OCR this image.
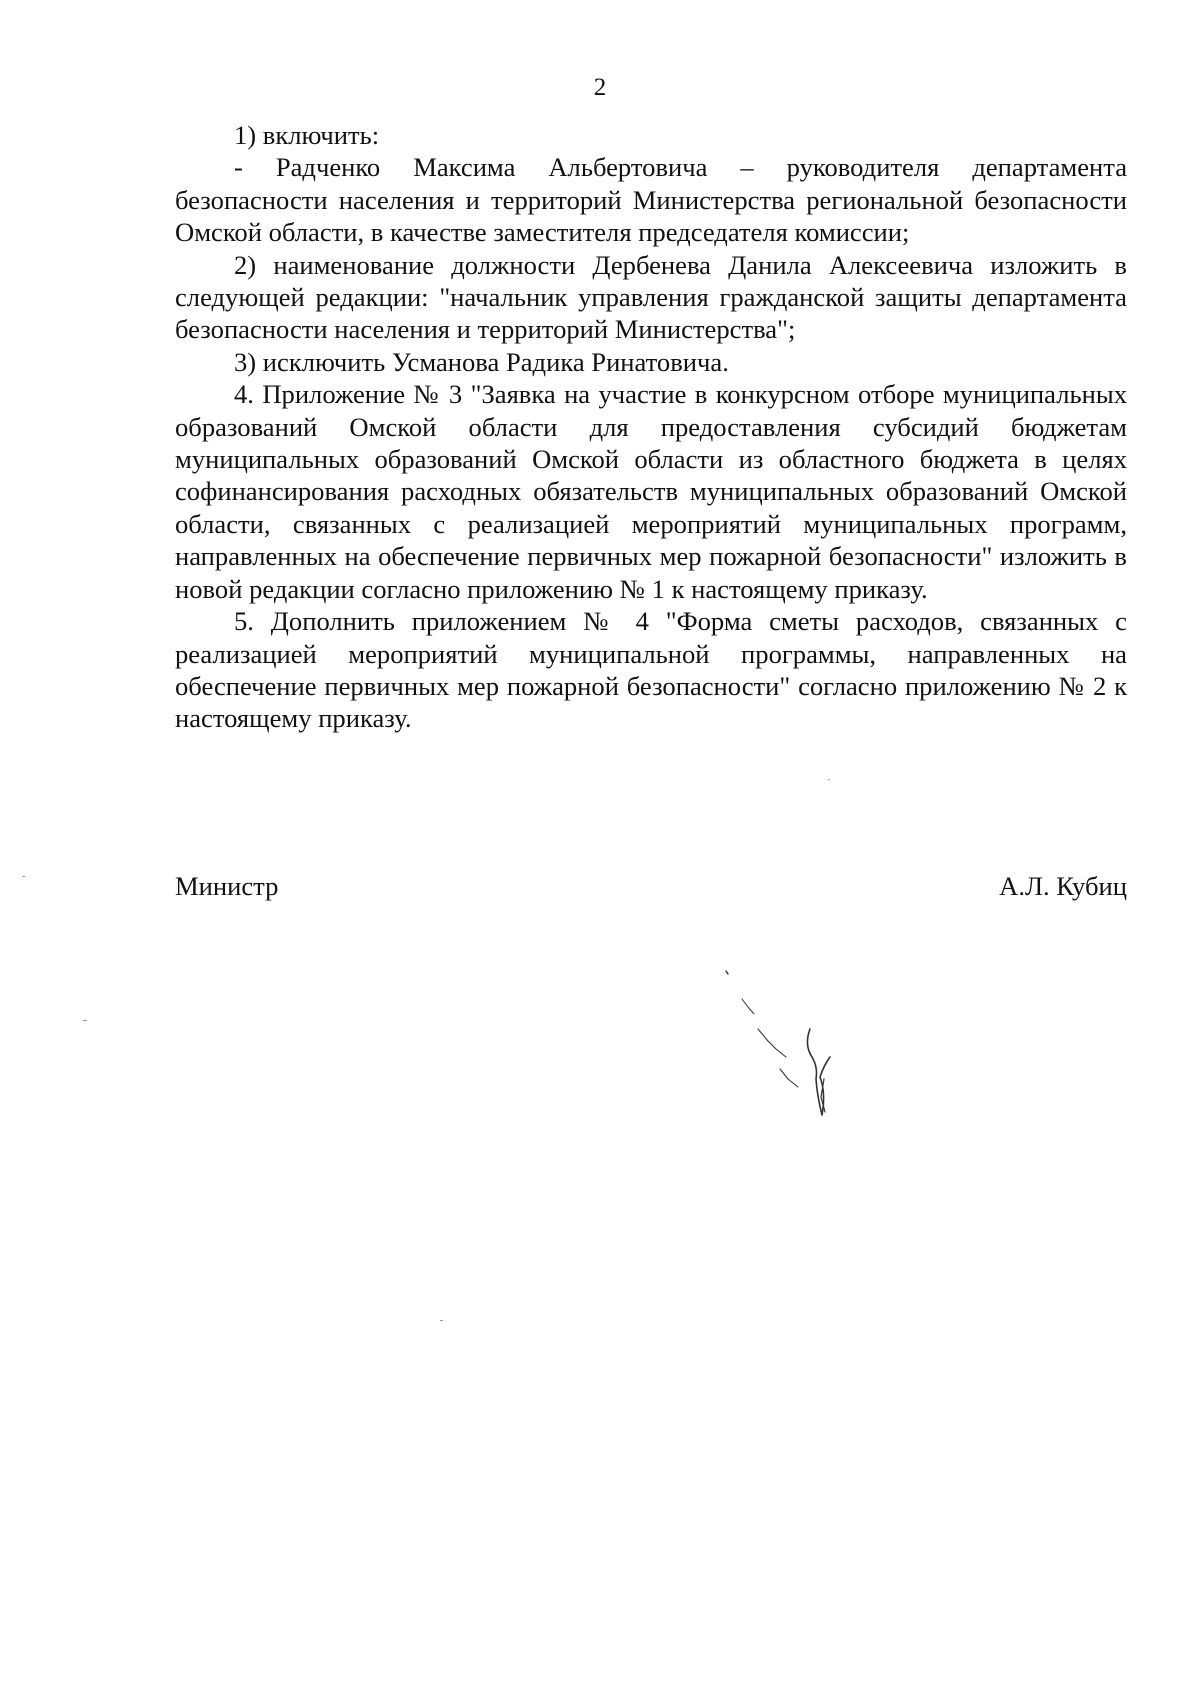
2

1) включить:

- Радченко Максима Альбертовича – руководителя департамента безопасности населения и территорий Министерства региональной безопасности Омской области, в качестве заместителя председателя комиссии;

2) наименование должности Дербенева Данила Алексеевича изложить в следующей редакции: "начальник управления гражданской защиты департамента безопасности населения и территорий Министерства";

3) исключить Усманова Радика Ринатовича.

4. Приложение № 3 "Заявка на участие в конкурсном отборе муниципальных образований Омской области для предоставления субсидий бюджетам муниципальных образований Омской области из областного бюджета в целях софинансирования расходных обязательств муниципальных образований Омской области, связанных с реализацией мероприятий муниципальных программ, направленных на обеспечение первичных мер пожарной безопасности" изложить в новой редакции согласно приложению № 1 к настоящему приказу.

5. Дополнить приложением № 4 "Форма сметы расходов, связанных с реализацией мероприятий муниципальной программы, направленных на обеспечение первичных мер пожарной безопасности" согласно приложению № 2 к настоящему приказу.

Министр	А.Л. Кубиц
